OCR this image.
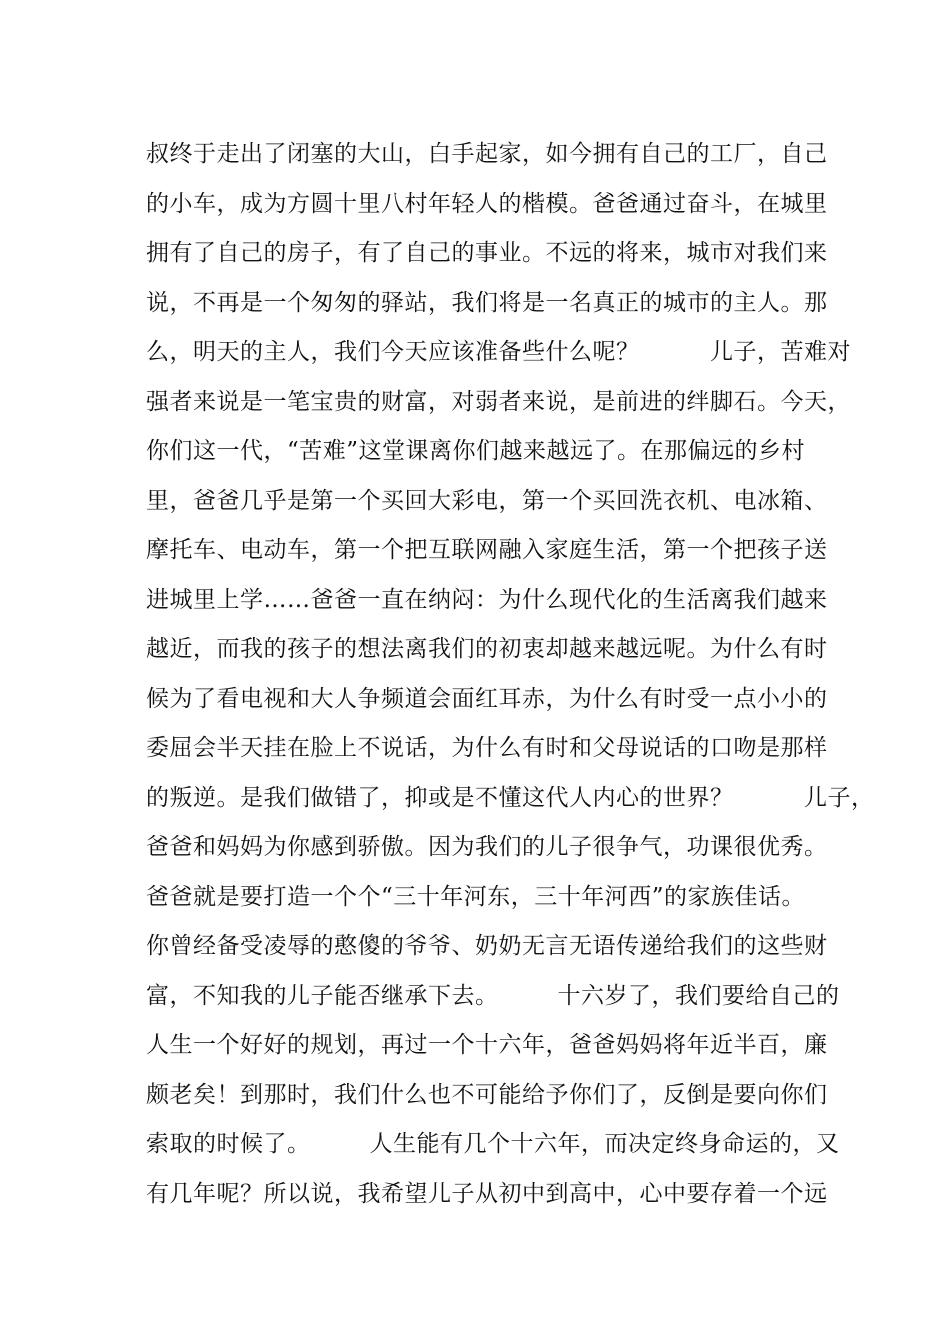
叔终于走出了闭塞的大山，白手起家，如今拥有自己的工厂，自己
的小车，成为方圆十里八村年轻人的楷模。爸爸通过奋斗，在城里
拥有了自己的房子，有了自己的事业。不远的将来，城市对我们来
说，不再是一个匆匆的驿站，我们将是一名真正的城市的主人。那
么，明天的主人，我们今天应该准备些什么呢？　　　儿子，苦难对
强者来说是一笔宝贵的财富，对弱者来说，是前进的绊脚石。今天，
你们这一代，“苦难”这堂课离你们越来越远了。在那偏远的乡村
里，爸爸几乎是第一个买回大彩电，第一个买回洗衣机、电冰箱、
摩托车、电动车，第一个把互联网融入家庭生活，第一个把孩子送
进城里上学……爸爸一直在纳闷：为什么现代化的生活离我们越来
越近，而我的孩子的想法离我们的初衷却越来越远呢。为什么有时
候为了看电视和大人争频道会面红耳赤，为什么有时受一点小小的
委屈会半天挂在脸上不说话，为什么有时和父母说话的口吻是那样
的叛逆。是我们做错了，抑或是不懂这代人内心的世界？　　　儿子，
爸爸和妈妈为你感到骄傲。因为我们的儿子很争气，功课很优秀。
爸爸就是要打造一个个“三十年河东，三十年河西”的家族佳话。
你曾经备受凌辱的憨傻的爷爷、奶奶无言无语传递给我们的这些财
富，不知我的儿子能否继承下去。　　　十六岁了，我们要给自己的
人生一个好好的规划，再过一个十六年，爸爸妈妈将年近半百，廉
颇老矣！到那时，我们什么也不可能给予你们了，反倒是要向你们
索取的时候了。　　　人生能有几个十六年，而决定终身命运的，又
有几年呢？所以说，我希望儿子从初中到高中，心中要存着一个远
